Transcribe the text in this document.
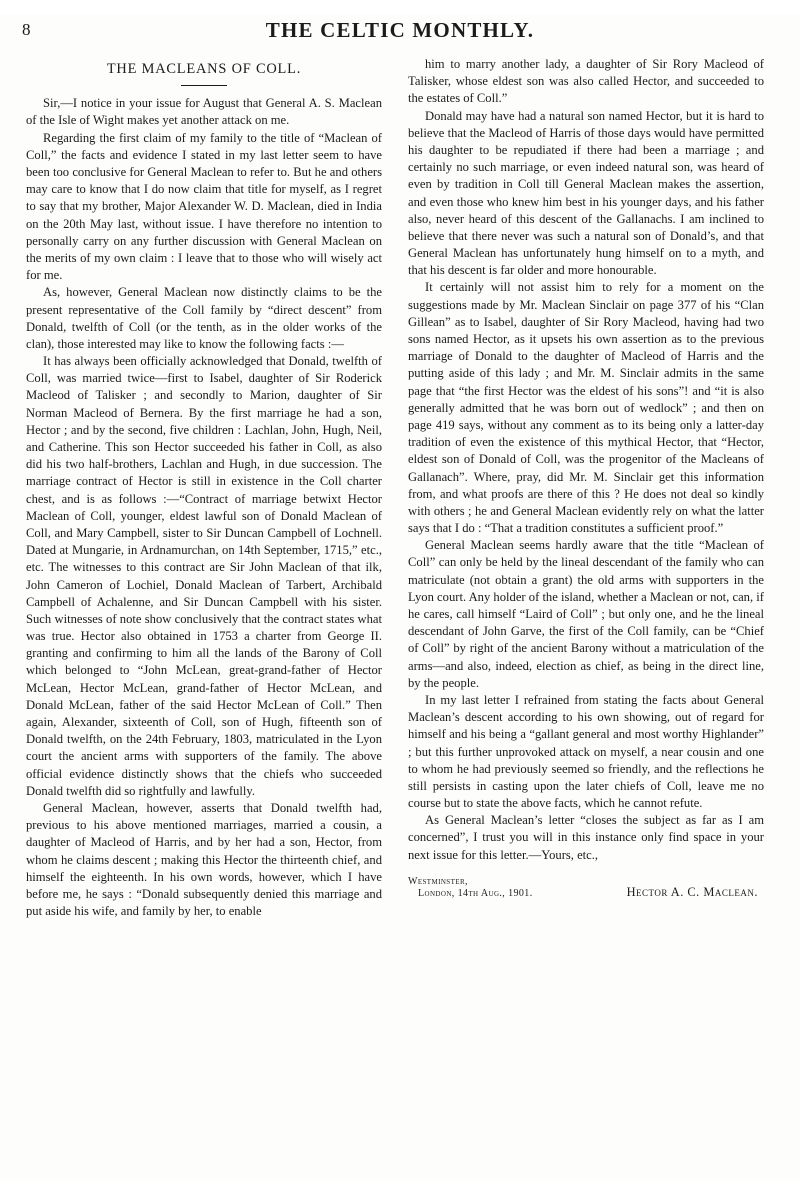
8	THE CELTIC MONTHLY.
THE MACLEANS OF COLL.

Sir,—I notice in your issue for August that General A. S. Maclean of the Isle of Wight makes yet another attack on me.

Regarding the first claim of my family to the title of “Maclean of Coll,” the facts and evidence I stated in my last letter seem to have been too conclusive for General Maclean to refer to. But he and others may care to know that I do now claim that title for myself, as I regret to say that my brother, Major Alexander W. D. Maclean, died in India on the 20th May last, without issue. I have therefore no intention to personally carry on any further discussion with General Maclean on the merits of my own claim : I leave that to those who will wisely act for me.

As, however, General Maclean now distinctly claims to be the present representative of the Coll family by “direct descent” from Donald, twelfth of Coll (or the tenth, as in the older works of the clan), those interested may like to know the following facts :—

It has always been officially acknowledged that Donald, twelfth of Coll, was married twice—first to Isabel, daughter of Sir Roderick Macleod of Talisker ; and secondly to Marion, daughter of Sir Norman Macleod of Bernera. By the first marriage he had a son, Hector ; and by the second, five children : Lachlan, John, Hugh, Neil, and Catherine. This son Hector succeeded his father in Coll, as also did his two half-brothers, Lachlan and Hugh, in due succession. The marriage contract of Hector is still in existence in the Coll charter chest, and is as follows :—“Contract of marriage betwixt Hector Maclean of Coll, younger, eldest lawful son of Donald Maclean of Coll, and Mary Campbell, sister to Sir Duncan Campbell of Lochnell. Dated at Mungarie, in Ardnamurchan, on 14th September, 1715,” etc., etc. The witnesses to this contract are Sir John Maclean of that ilk, John Cameron of Lochiel, Donald Maclean of Tarbert, Archibald Campbell of Achalenne, and Sir Duncan Campbell with his sister. Such witnesses of note show conclusively that the contract states what was true. Hector also obtained in 1753 a charter from George II. granting and confirming to him all the lands of the Barony of Coll which belonged to “John McLean, great-grand-father of Hector McLean, Hector McLean, grand-father of Hector McLean, and Donald McLean, father of the said Hector McLean of Coll.” Then again, Alexander, sixteenth of Coll, son of Hugh, fifteenth son of Donald twelfth, on the 24th February, 1803, matriculated in the Lyon court the ancient arms with supporters of the family. The above official evidence distinctly shows that the chiefs who succeeded Donald twelfth did so rightfully and lawfully.

General Maclean, however, asserts that Donald twelfth had, previous to his above mentioned marriages, married a cousin, a daughter of Macleod of Harris, and by her had a son, Hector, from whom he claims descent ; making this Hector the thirteenth chief, and himself the eighteenth. In his own words, however, which I have before me, he says : “Donald subsequently denied this marriage and put aside his wife, and family by her, to enable

him to marry another lady, a daughter of Sir Rory Macleod of Talisker, whose eldest son was also called Hector, and succeeded to the estates of Coll.”

Donald may have had a natural son named Hector, but it is hard to believe that the Macleod of Harris of those days would have permitted his daughter to be repudiated if there had been a marriage ; and certainly no such marriage, or even indeed natural son, was heard of even by tradition in Coll till General Maclean makes the assertion, and even those who knew him best in his younger days, and his father also, never heard of this descent of the Gallanachs. I am inclined to believe that there never was such a natural son of Donald’s, and that General Maclean has unfortunately hung himself on to a myth, and that his descent is far older and more honourable.

It certainly will not assist him to rely for a moment on the suggestions made by Mr. Maclean Sinclair on page 377 of his “Clan Gillean” as to Isabel, daughter of Sir Rory Macleod, having had two sons named Hector, as it upsets his own assertion as to the previous marriage of Donald to the daughter of Macleod of Harris and the putting aside of this lady ; and Mr. M. Sinclair admits in the same page that “the first Hector was the eldest of his sons”! and “it is also generally admitted that he was born out of wedlock” ; and then on page 419 says, without any comment as to its being only a latter-day tradition of even the existence of this mythical Hector, that “Hector, eldest son of Donald of Coll, was the progenitor of the Macleans of Gallanach”. Where, pray, did Mr. M. Sinclair get this information from, and what proofs are there of this ? He does not deal so kindly with others ; he and General Maclean evidently rely on what the latter says that I do : “That a tradition constitutes a sufficient proof.”

General Maclean seems hardly aware that the title “Maclean of Coll” can only be held by the lineal descendant of the family who can matriculate (not obtain a grant) the old arms with supporters in the Lyon court. Any holder of the island, whether a Maclean or not, can, if he cares, call himself “Laird of Coll” ; but only one, and he the lineal descendant of John Garve, the first of the Coll family, can be “Chief of Coll” by right of the ancient Barony without a matriculation of the arms—and also, indeed, election as chief, as being in the direct line, by the people.

In my last letter I refrained from stating the facts about General Maclean’s descent according to his own showing, out of regard for himself and his being a “gallant general and most worthy Highlander” ; but this further unprovoked attack on myself, a near cousin and one to whom he had previously seemed so friendly, and the reflections he still persists in casting upon the later chiefs of Coll, leave me no course but to state the above facts, which he cannot refute.

As General Maclean’s letter “closes the subject as far as I am concerned”, I trust you will in this instance only find space in your next issue for this letter.—Yours, etc.,

Westminster,
London, 14th Aug., 1901.	Hector A. C. Maclean.
